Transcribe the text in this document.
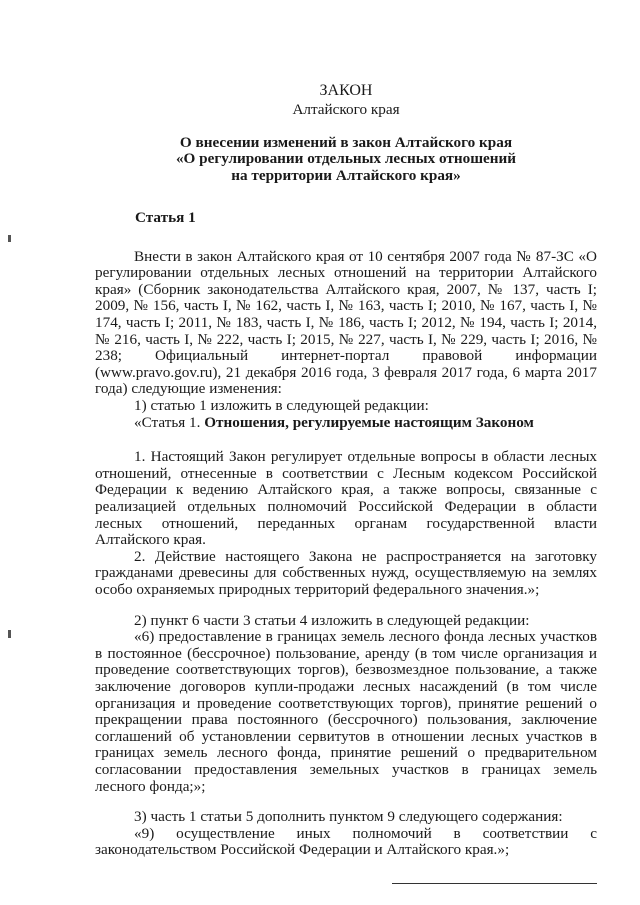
ЗАКОН

Алтайского края

О внесении изменений в закон Алтайского края
«О регулировании отдельных лесных отношений
на территории Алтайского края»

Статья 1

Внести в закон Алтайского края от 10 сентября 2007 года № 87-ЗС «О регулировании отдельных лесных отношений на территории Алтайского края» (Сборник законодательства Алтайского края, 2007, № 137, часть I; 2009, № 156, часть I, № 162, часть I, № 163, часть I; 2010, № 167, часть I, № 174, часть I; 2011, № 183, часть I, № 186, часть I; 2012, № 194, часть I; 2014, № 216, часть I, № 222, часть I; 2015, № 227, часть I, № 229, часть I; 2016, № 238; Официальный интернет-портал правовой информации (www.pravo.gov.ru), 21 декабря 2016 года, 3 февраля 2017 года, 6 марта 2017 года) следующие изменения:

1) статью 1 изложить в следующей редакции:

«Статья 1. Отношения, регулируемые настоящим Законом

1. Настоящий Закон регулирует отдельные вопросы в области лесных отношений, отнесенные в соответствии с Лесным кодексом Российской Федерации к ведению Алтайского края, а также вопросы, связанные с реализацией отдельных полномочий Российской Федерации в области лесных отношений, переданных органам государственной власти Алтайского края.

2. Действие настоящего Закона не распространяется на заготовку гражданами древесины для собственных нужд, осуществляемую на землях особо охраняемых природных территорий федерального значения.»;

2) пункт 6 части 3 статьи 4 изложить в следующей редакции:

«6) предоставление в границах земель лесного фонда лесных участков в постоянное (бессрочное) пользование, аренду (в том числе организация и проведение соответствующих торгов), безвозмездное пользование, а также заключение договоров купли-продажи лесных насаждений (в том числе организация и проведение соответствующих торгов), принятие решений о прекращении права постоянного (бессрочного) пользования, заключение соглашений об установлении сервитутов в отношении лесных участков в границах земель лесного фонда, принятие решений о предварительном согласовании предоставления земельных участков в границах земель лесного фонда;»;

3) часть 1 статьи 5 дополнить пунктом 9 следующего содержания:

«9) осуществление иных полномочий в соответствии с законодательством Российской Федерации и Алтайского края.»;
